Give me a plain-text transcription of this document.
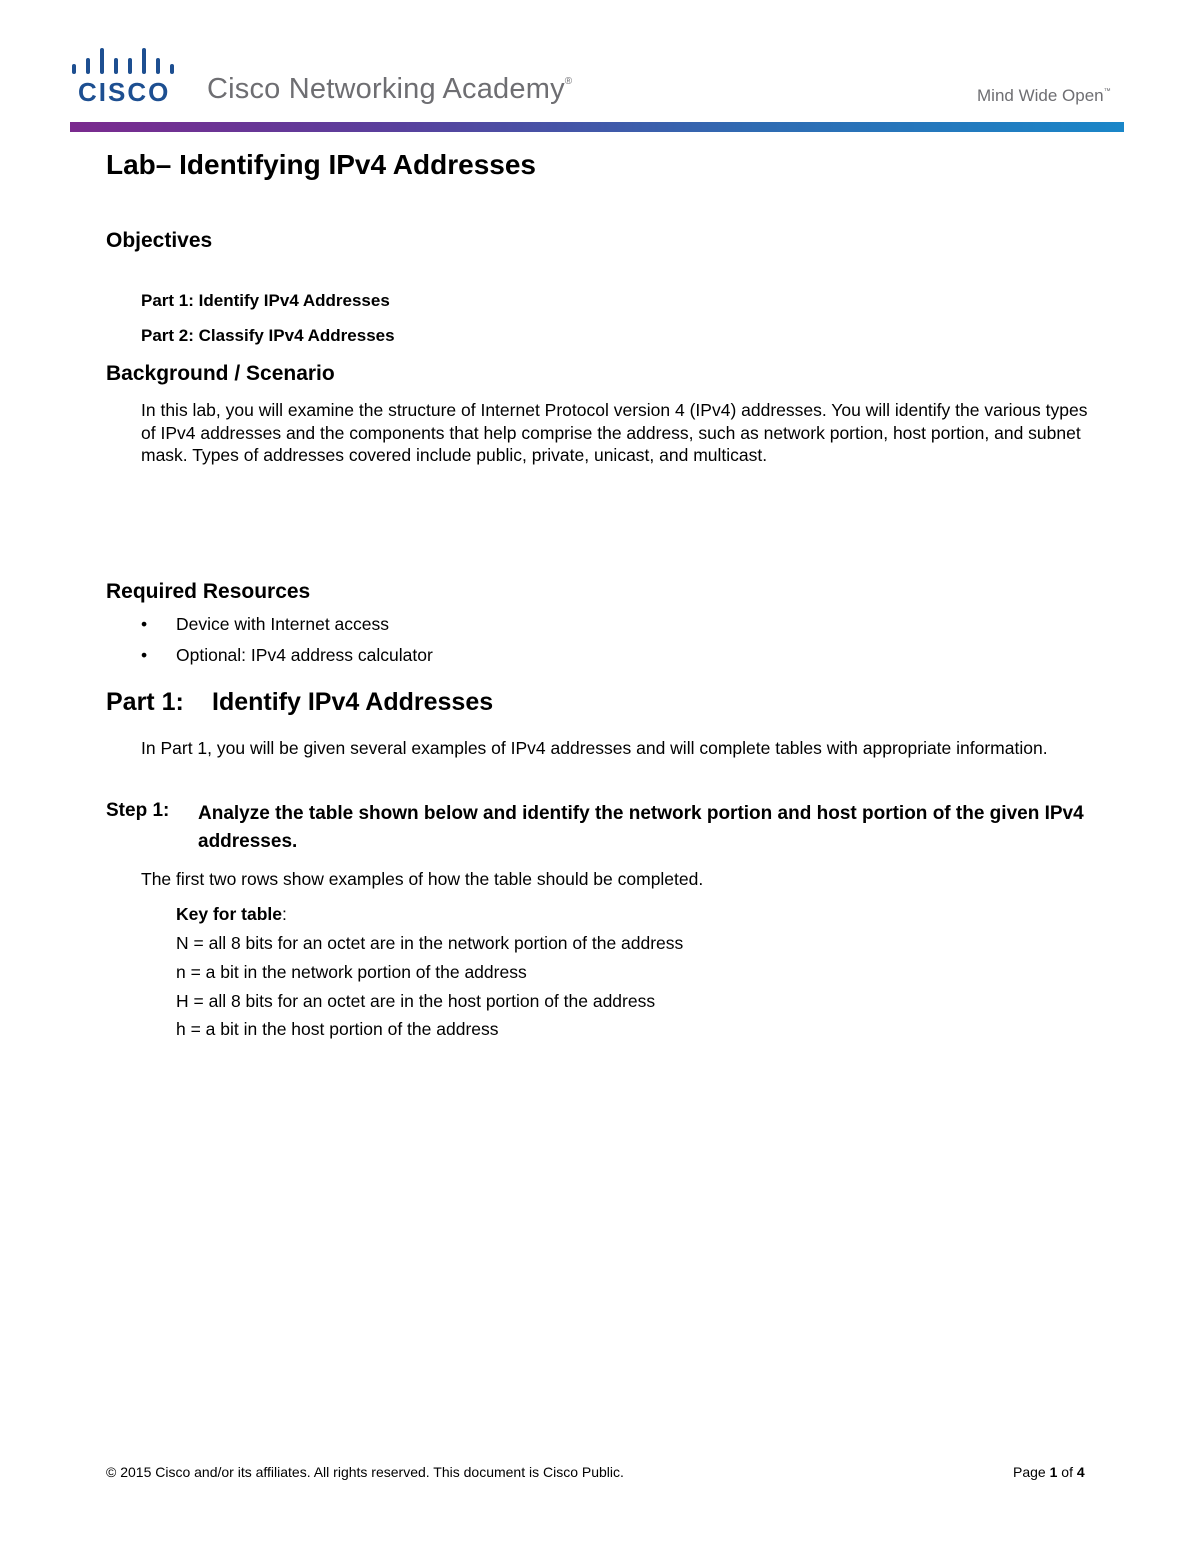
CISCO Cisco Networking Academy®
Mind Wide Open™
Lab– Identifying IPv4 Addresses
Objectives
Part 1: Identify IPv4 Addresses
Part 2: Classify IPv4 Addresses
Background / Scenario

In this lab, you will examine the structure of Internet Protocol version 4 (IPv4) addresses. You will identify the various types of IPv4 addresses and the components that help comprise the address, such as network portion, host portion, and subnet mask. Types of addresses covered include public, private, unicast, and multicast.

Required Resources
• Device with Internet access
• Optional: IPv4 address calculator
Part 1: Identify IPv4 Addresses

In Part 1, you will be given several examples of IPv4 addresses and will complete tables with appropriate information.

Step 1: Analyze the table shown below and identify the network portion and host portion of the given IPv4 addresses.
The first two rows show examples of how the table should be completed.
Key for table:
N = all 8 bits for an octet are in the network portion of the address
n = a bit in the network portion of the address
H = all 8 bits for an octet are in the host portion of the address
h = a bit in the host portion of the address
© 2015 Cisco and/or its affiliates. All rights reserved. This document is Cisco Public.	Page 1 of 4
